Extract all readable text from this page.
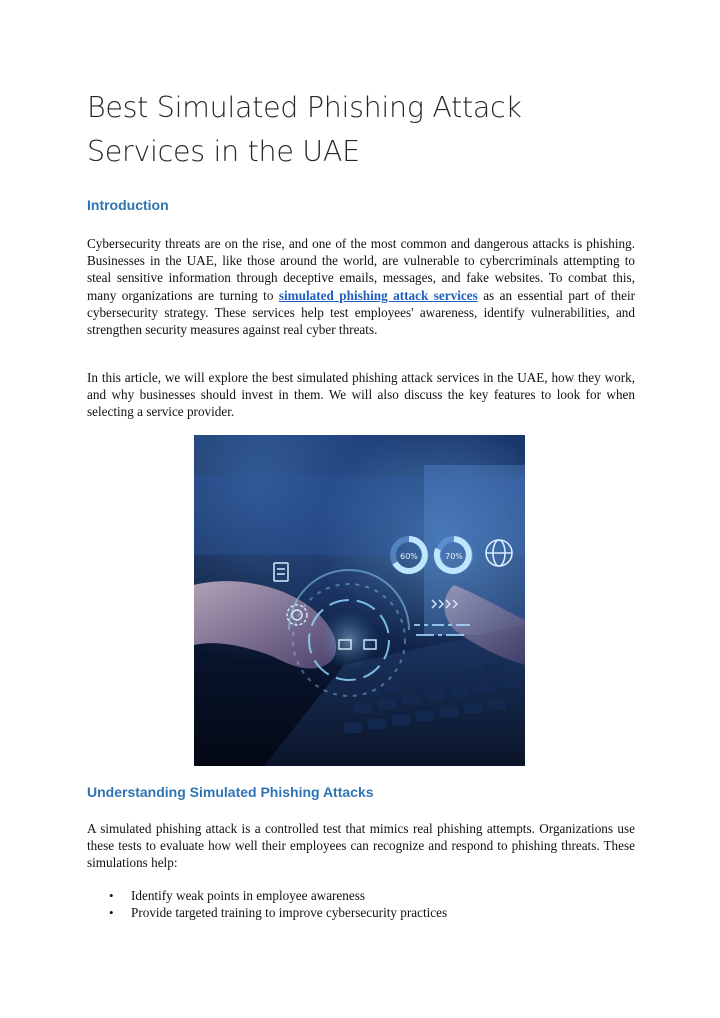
Best Simulated Phishing Attack Services in the UAE
Introduction

Cybersecurity threats are on the rise, and one of the most common and dangerous attacks is phishing. Businesses in the UAE, like those around the world, are vulnerable to cybercriminals attempting to steal sensitive information through deceptive emails, messages, and fake websites. To combat this, many organizations are turning to simulated phishing attack services as an essential part of their cybersecurity strategy. These services help test employees' awareness, identify vulnerabilities, and strengthen security measures against real cyber threats.

In this article, we will explore the best simulated phishing attack services in the UAE, how they work, and why businesses should invest in them. We will also discuss the key features to look for when selecting a service provider.

60%	70%
Understanding Simulated Phishing Attacks

A simulated phishing attack is a controlled test that mimics real phishing attempts. Organizations use these tests to evaluate how well their employees can recognize and respond to phishing threats. These simulations help:

• Identify weak points in employee awareness
• Provide targeted training to improve cybersecurity practices
